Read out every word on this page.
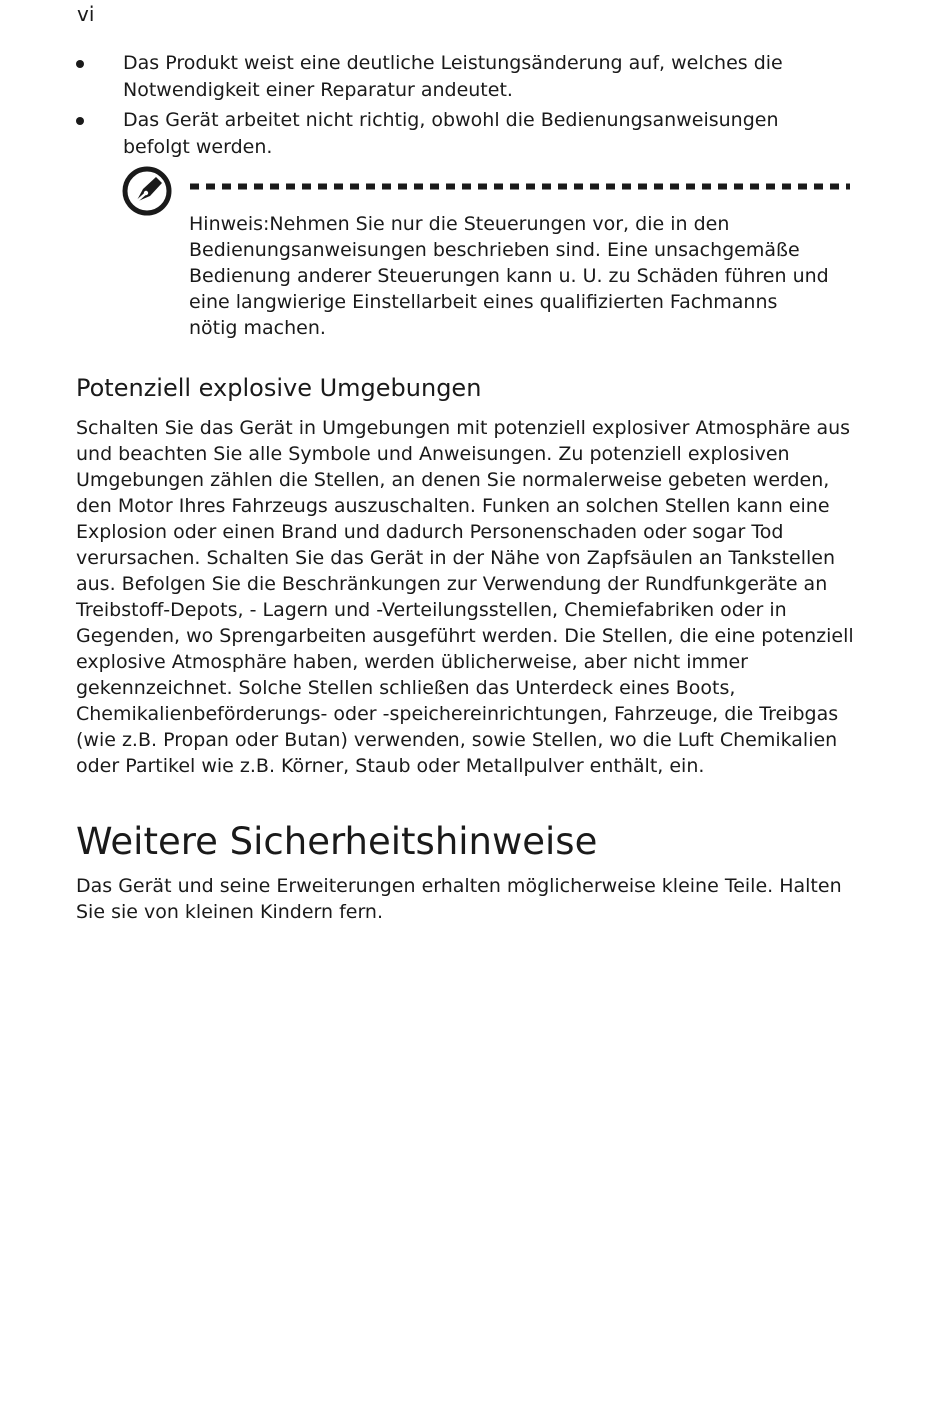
vi
Das Produkt weist eine deutliche Leistungsänderung auf, welches die Notwendigkeit einer Reparatur andeutet.
Das Gerät arbeitet nicht richtig, obwohl die Bedienungsanweisungen befolgt werden.

Hinweis:Nehmen Sie nur die Steuerungen vor, die in den Bedienungsanweisungen beschrieben sind. Eine unsachgemäße Bedienung anderer Steuerungen kann u. U. zu Schäden führen und eine langwierige Einstellarbeit eines qualifizierten Fachmanns nötig machen.

Potenziell explosive Umgebungen

Schalten Sie das Gerät in Umgebungen mit potenziell explosiver Atmosphäre aus und beachten Sie alle Symbole und Anweisungen. Zu potenziell explosiven Umgebungen zählen die Stellen, an denen Sie normalerweise gebeten werden, den Motor Ihres Fahrzeugs auszuschalten. Funken an solchen Stellen kann eine Explosion oder einen Brand und dadurch Personenschaden oder sogar Tod verursachen. Schalten Sie das Gerät in der Nähe von Zapfsäulen an Tankstellen aus. Befolgen Sie die Beschränkungen zur Verwendung der Rundfunkgeräte an Treibstoff-Depots, - Lagern und -Verteilungsstellen, Chemiefabriken oder in Gegenden, wo Sprengarbeiten ausgeführt werden. Die Stellen, die eine potenziell explosive Atmosphäre haben, werden üblicherweise, aber nicht immer gekennzeichnet. Solche Stellen schließen das Unterdeck eines Boots, Chemikalienbeförderungs- oder -speichereinrichtungen, Fahrzeuge, die Treibgas (wie z.B. Propan oder Butan) verwenden, sowie Stellen, wo die Luft Chemikalien oder Partikel wie z.B. Körner, Staub oder Metallpulver enthält, ein.

Weitere Sicherheitshinweise

Das Gerät und seine Erweiterungen erhalten möglicherweise kleine Teile. Halten Sie sie von kleinen Kindern fern.
